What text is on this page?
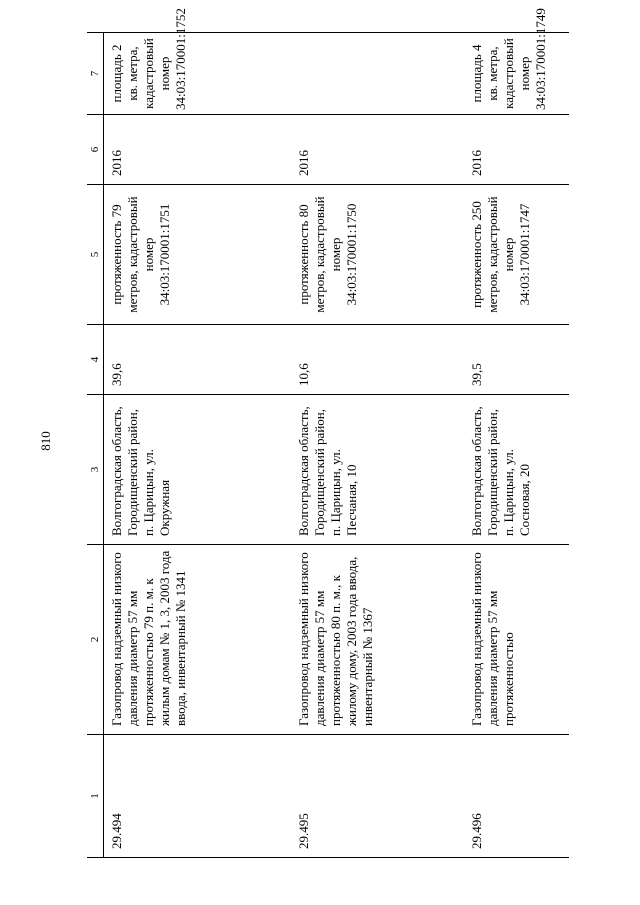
810
1	2	3	4	5	6	7
29.494	Газопровод надземный низкого давления диаметр 57 мм протяженностью 79 п. м. к жилым домам № 1, 3, 2003 года ввода, инвентарный № 1341	Волгоградская область, Городищенский район, п. Царицын, ул. Окружная	39,6	протяженность 79 метров, кадастровый номер 34:03:170001:1751	2016	площадь 2 кв. метра, кадастровый номер 34:03:170001:1752
29.495	Газопровод надземный низкого давления диаметр 57 мм протяженностью 80 п. м., к жилому дому, 2003 года ввода, инвентарный № 1367	Волгоградская область, Городищенский район, п. Царицын, ул. Песчаная, 10	10,6	протяженность 80 метров, кадастровый номер 34:03:170001:1750	2016	
29.496	Газопровод надземный низкого давления диаметр 57 мм протяженностью	Волгоградская область, Городищенский район, п. Царицын, ул. Сосновая, 20	39,5	протяженность 250 метров, кадастровый номер 34:03:170001:1747	2016	площадь 4 кв. метра, кадастровый номер 34:03:170001:1749
